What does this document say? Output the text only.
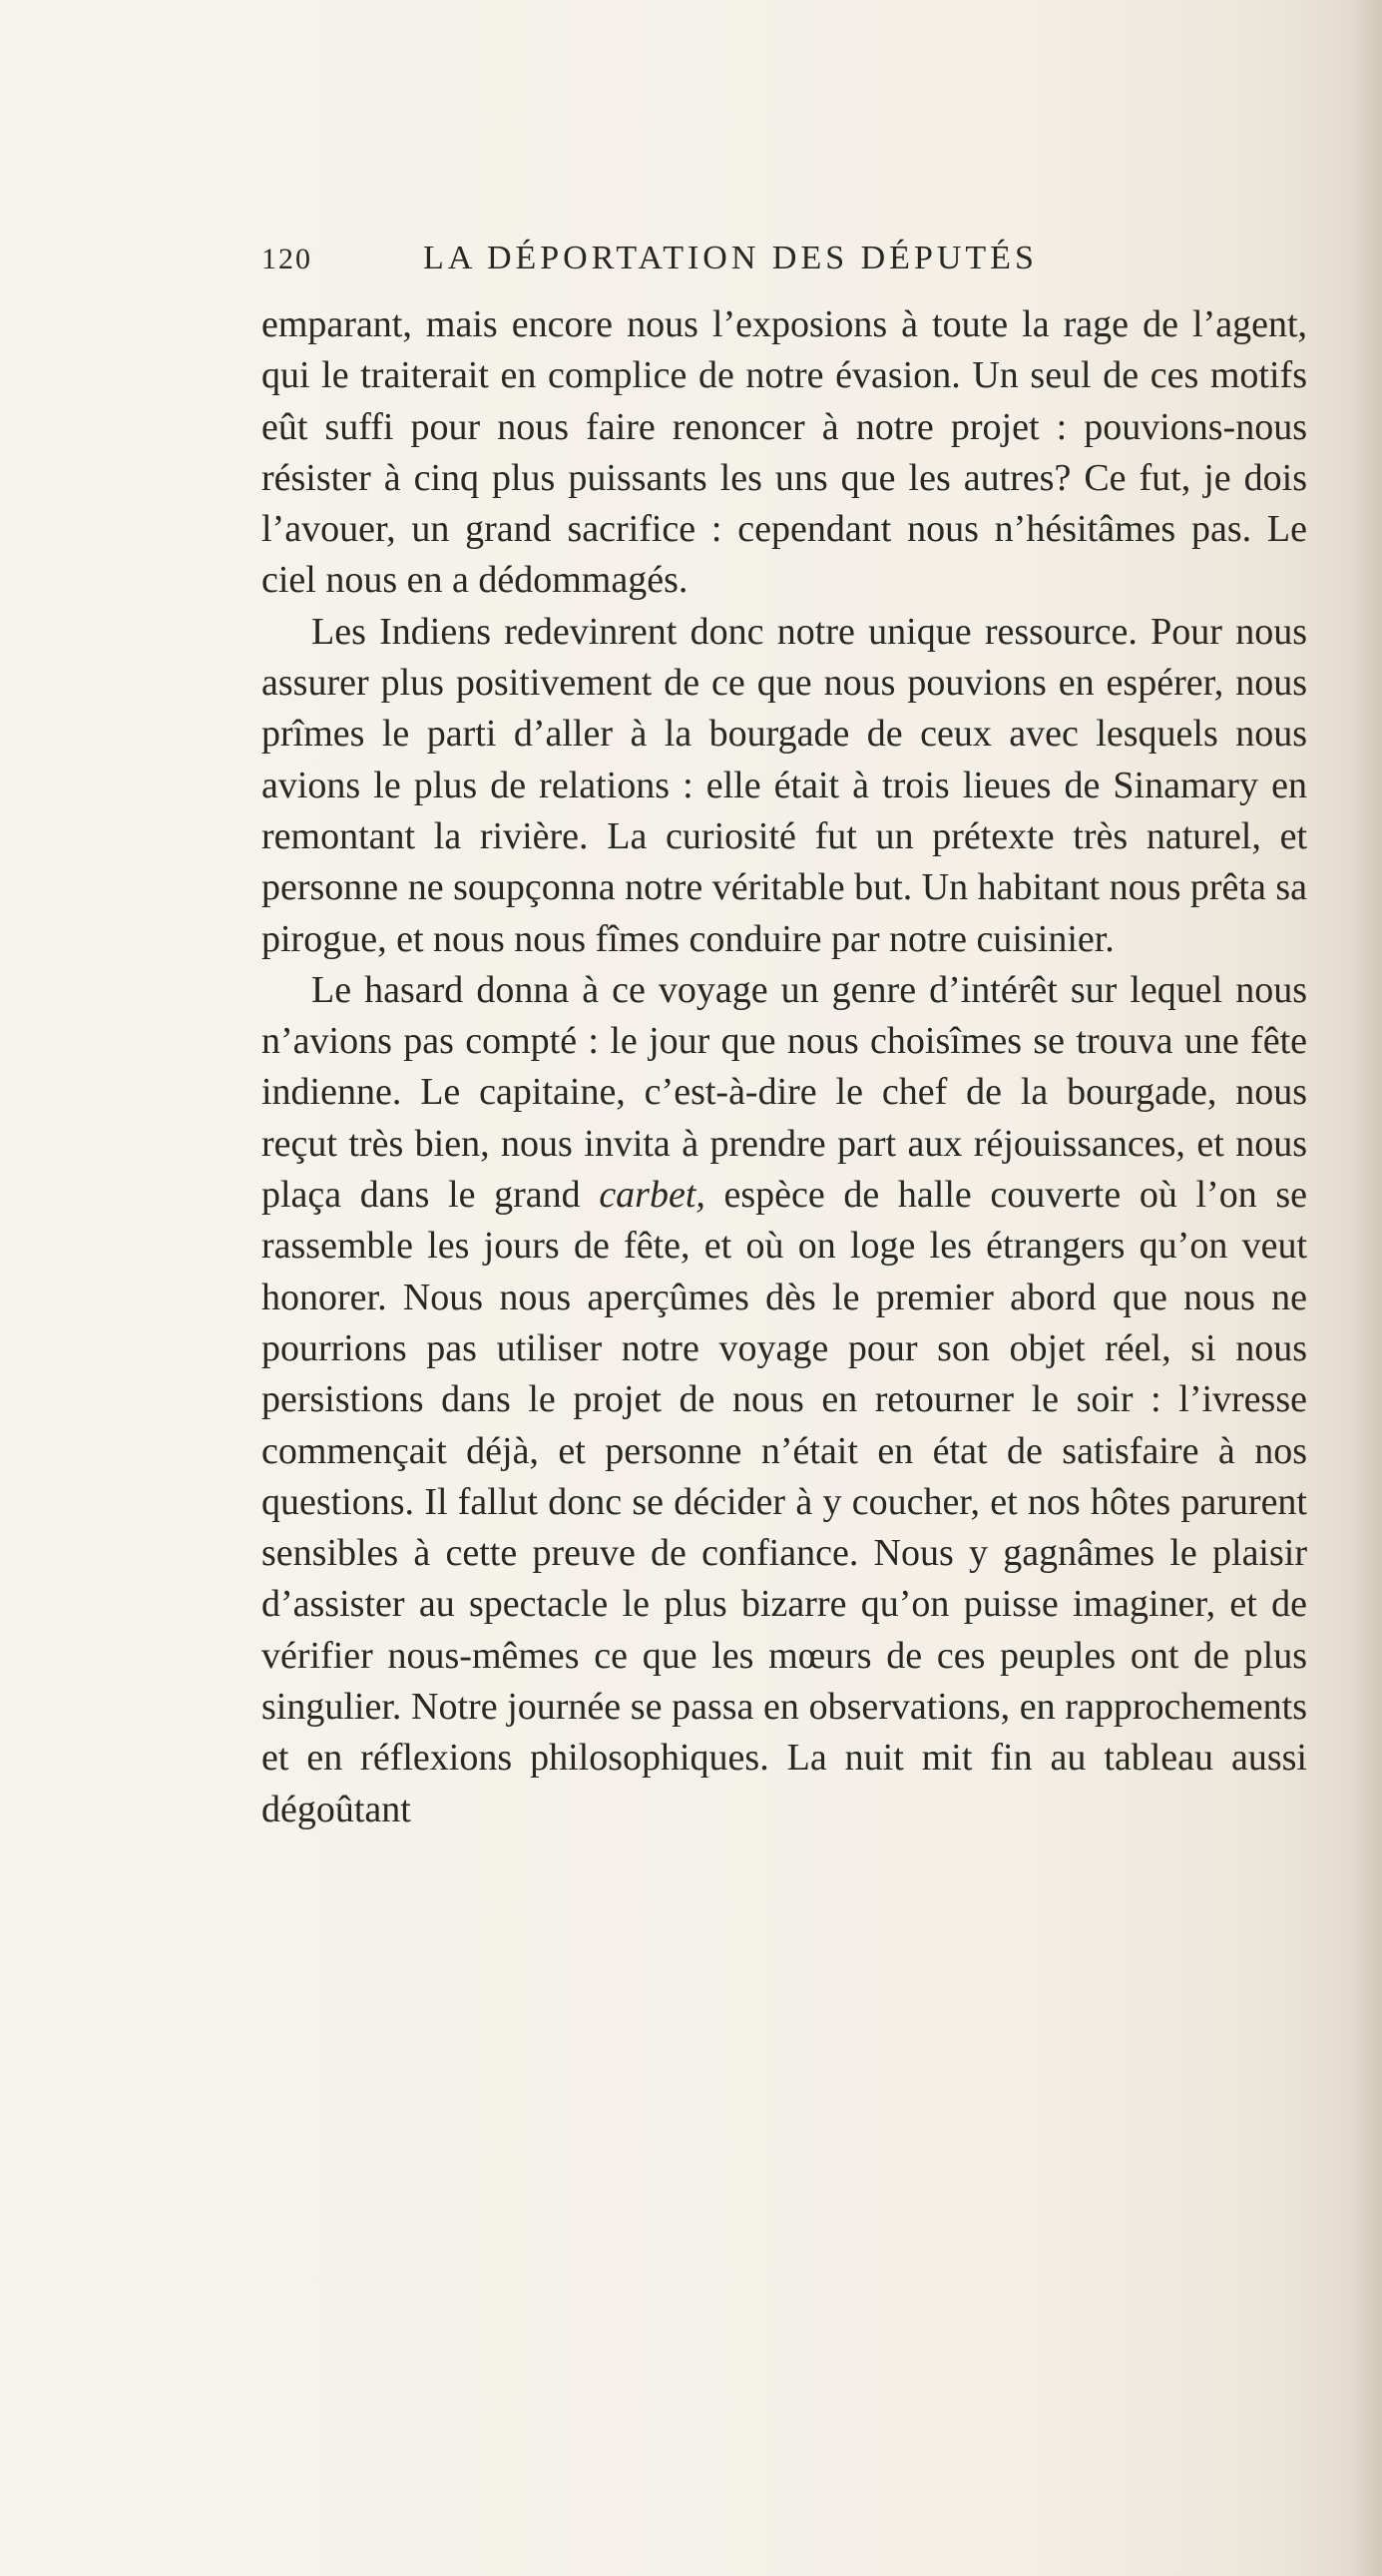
120	LA DÉPORTATION DES DÉPUTÉS

emparant, mais encore nous l’exposions à toute la rage de l’agent, qui le traiterait en complice de notre évasion. Un seul de ces motifs eût suffi pour nous faire renoncer à notre projet : pouvions-nous résister à cinq plus puissants les uns que les autres? Ce fut, je dois l’avouer, un grand sacrifice : cependant nous n’hésitâmes pas. Le ciel nous en a dédommagés.

Les Indiens redevinrent donc notre unique ressource. Pour nous assurer plus positivement de ce que nous pouvions en espérer, nous prîmes le parti d’aller à la bourgade de ceux avec lesquels nous avions le plus de relations : elle était à trois lieues de Sinamary en remontant la rivière. La curiosité fut un prétexte très naturel, et personne ne soupçonna notre véritable but. Un habitant nous prêta sa pirogue, et nous nous fîmes conduire par notre cuisinier.

Le hasard donna à ce voyage un genre d’intérêt sur lequel nous n’avions pas compté : le jour que nous choisîmes se trouva une fête indienne. Le capitaine, c’est-à-dire le chef de la bourgade, nous reçut très bien, nous invita à prendre part aux réjouissances, et nous plaça dans le grand carbet, espèce de halle couverte où l’on se rassemble les jours de fête, et où on loge les étrangers qu’on veut honorer. Nous nous aperçûmes dès le premier abord que nous ne pourrions pas utiliser notre voyage pour son objet réel, si nous persistions dans le projet de nous en retourner le soir : l’ivresse commençait déjà, et personne n’était en état de satisfaire à nos questions. Il fallut donc se décider à y coucher, et nos hôtes parurent sensibles à cette preuve de confiance. Nous y gagnâmes le plaisir d’assister au spectacle le plus bizarre qu’on puisse imaginer, et de vérifier nous-mêmes ce que les mœurs de ces peuples ont de plus singulier. Notre journée se passa en observations, en rapprochements et en réflexions philosophiques. La nuit mit fin au tableau aussi dégoûtant
